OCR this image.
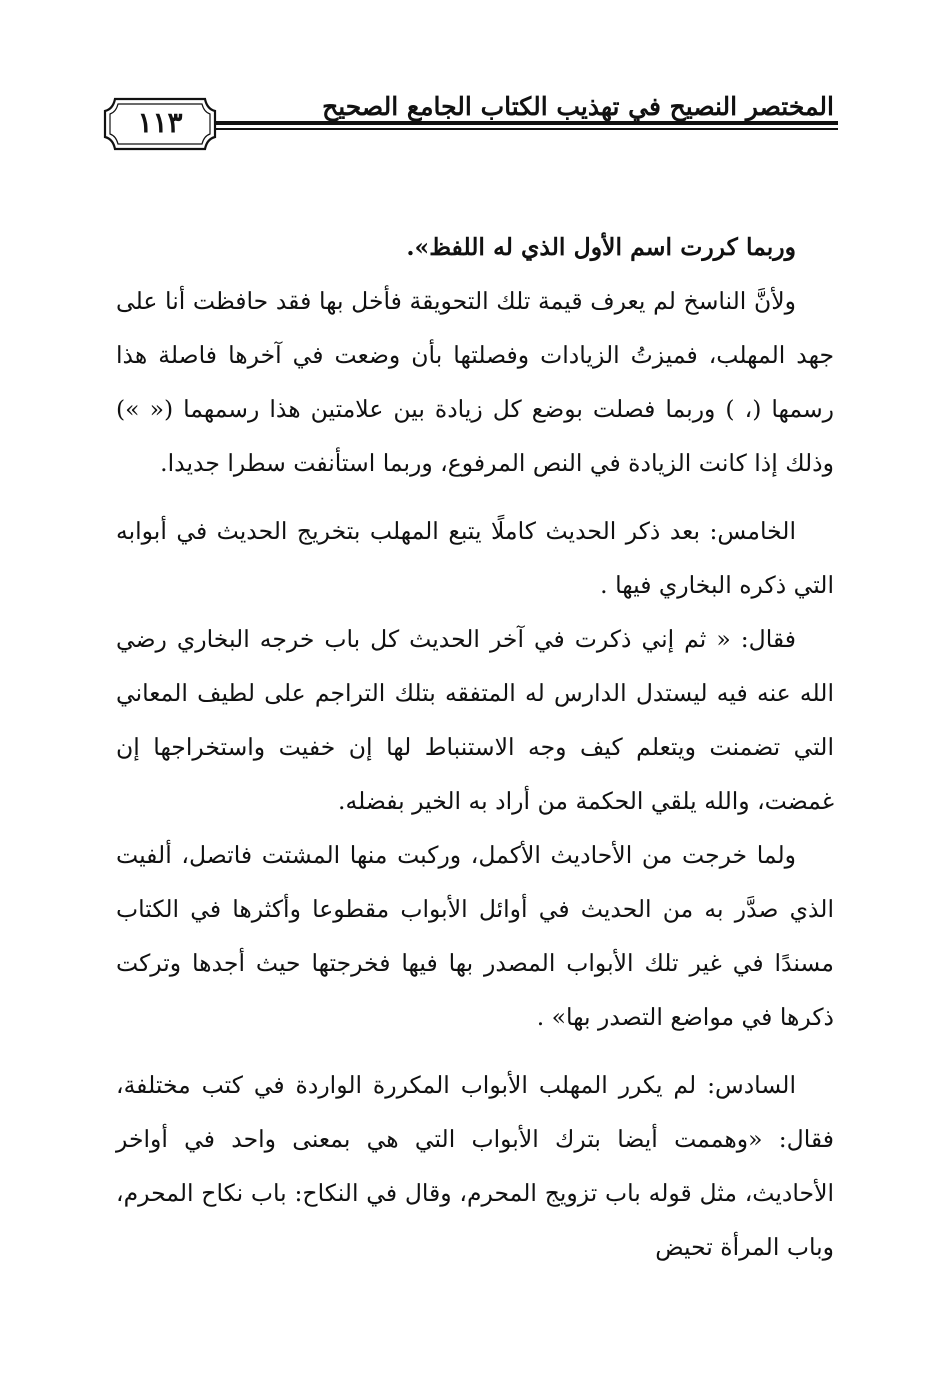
المختصر النصيح في تهذيب الكتاب الجامع الصحيح
١١٣

وربما كررت اسم الأول الذي له اللفظ».

ولأنَّ الناسخ لم يعرف قيمة تلك التحويقة فأخل بها فقد حافظت أنا على جهد المهلب، فميزتُ الزيادات وفصلتها بأن وضعت في آخرها فاصلة هذا رسمها (، ) وربما فصلت بوضع كل زيادة بين علامتين هذا رسمهما (« ») وذلك إذا كانت الزيادة في النص المرفوع، وربما استأنفت سطرا جديدا.

الخامس: بعد ذكر الحديث كاملًا يتبع المهلب بتخريج الحديث في أبوابه التي ذكره البخاري فيها .

فقال: « ثم إني ذكرت في آخر الحديث كل باب خرجه البخاري رضي الله عنه فيه ليستدل الدارس له المتفقه بتلك التراجم على لطيف المعاني التي تضمنت ويتعلم كيف وجه الاستنباط لها إن خفيت واستخراجها إن غمضت، والله يلقي الحكمة من أراد به الخير بفضله.

ولما خرجت من الأحاديث الأكمل، وركبت منها المشتت فاتصل، ألفيت الذي صدَّر به من الحديث في أوائل الأبواب مقطوعا وأكثرها في الكتاب مسندًا في غير تلك الأبواب المصدر بها فيها فخرجتها حيث أجدها وتركت ذكرها في مواضع التصدر بها» .

السادس: لم يكرر المهلب الأبواب المكررة الواردة في كتب مختلفة، فقال: «وهممت أيضا بترك الأبواب التي هي بمعنى واحد في أواخر الأحاديث، مثل قوله باب تزويج المحرم، وقال في النكاح: باب نكاح المحرم، وباب المرأة تحيض
